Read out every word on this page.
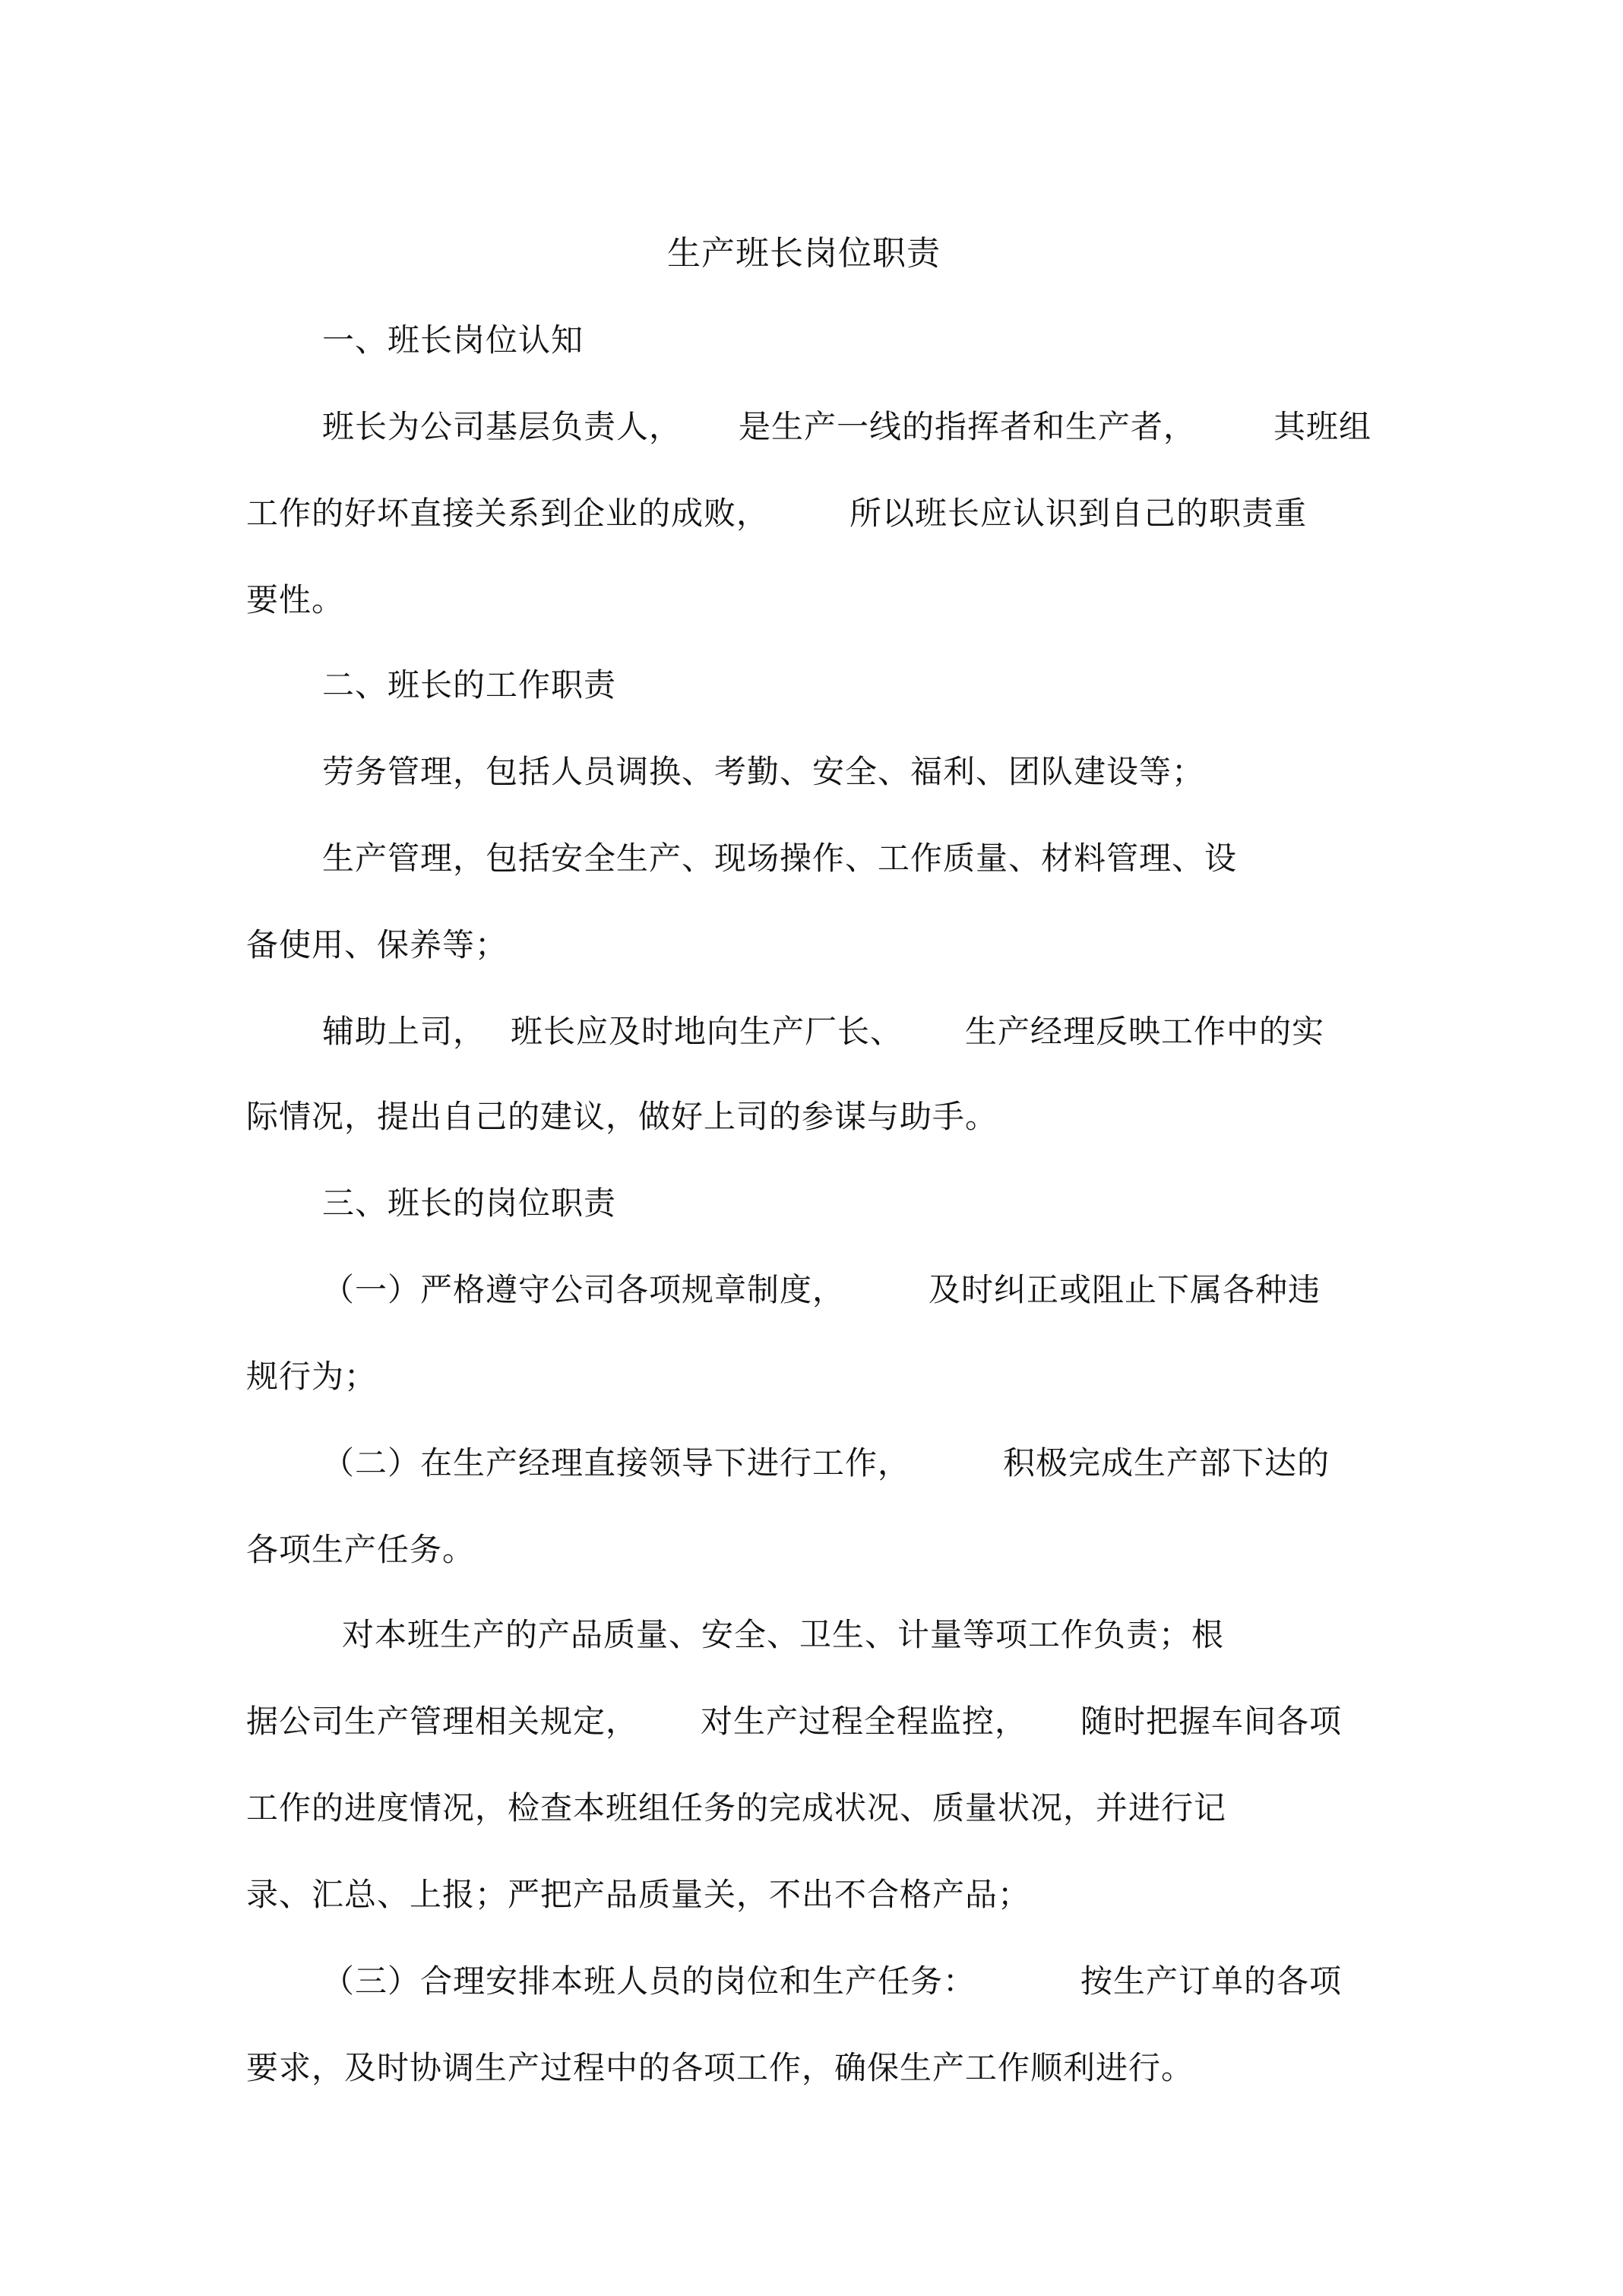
生产班长岗位职责
一、班长岗位认知
班长为公司基层负责人， 是生产一线的指挥者和生产者， 其班组
工作的好坏直接关系到企业的成败，	所以班长应认识到自己的职责重
要性。
二、班长的工作职责
劳务管理，包括人员调换、考勤、安全、福利、团队建设等；
生产管理，包括安全生产、现场操作、工作质量、材料管理、设
备使用、保养等；
辅助上司， 班长应及时地向生产厂长、 生产经理反映工作中的实
际情况，提出自己的建议，做好上司的参谋与助手。
三、班长的岗位职责
（一）严格遵守公司各项规章制度，	及时纠正或阻止下属各种违
规行为；
（二）在生产经理直接领导下进行工作，	积极完成生产部下达的
各项生产任务。
对本班生产的产品质量、安全、卫生、计量等项工作负责；根
据公司生产管理相关规定， 对生产过程全程监控， 随时把握车间各项
工作的进度情况，检查本班组任务的完成状况、质量状况，并进行记
录、汇总、上报；严把产品质量关，不出不合格产品；
（三）合理安排本班人员的岗位和生产任务：	按生产订单的各项
要求，及时协调生产过程中的各项工作，确保生产工作顺利进行。
